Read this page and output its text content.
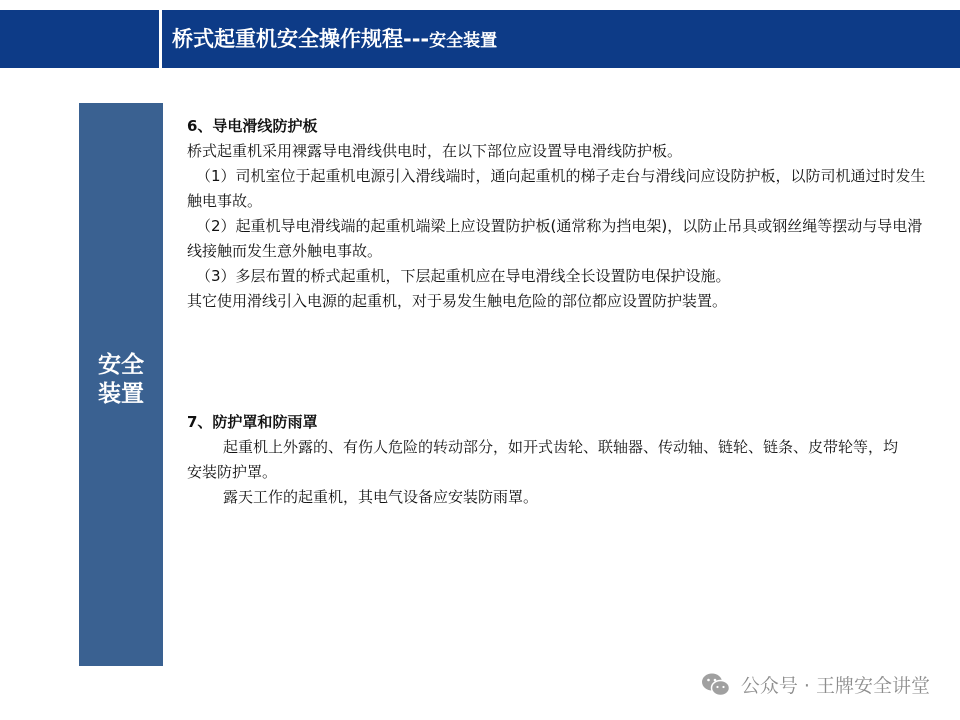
桥式起重机安全操作规程---安全装置
安全
装置

6、导电滑线防护板

桥式起重机采用裸露导电滑线供电时，在以下部位应设置导电滑线防护板。

（1）司机室位于起重机电源引入滑线端时，通向起重机的梯子走台与滑线问应设防护板，以防司机通过时发生触电事故。

（2）起重机导电滑线端的起重机端梁上应设置防护板(通常称为挡电架)，以防止吊具或钢丝绳等摆动与导电滑线接触而发生意外触电事故。

（3）多层布置的桥式起重机，下层起重机应在导电滑线全长设置防电保护设施。

其它使用滑线引入电源的起重机，对于易发生触电危险的部位都应设置防护装置。

7、防护罩和防雨罩

起重机上外露的、有伤人危险的转动部分，如开式齿轮、联轴器、传动轴、链轮、链条、皮带轮等，均安装防护罩。

露天工作的起重机，其电气设备应安装防雨罩。

公众号 · 王牌安全讲堂
